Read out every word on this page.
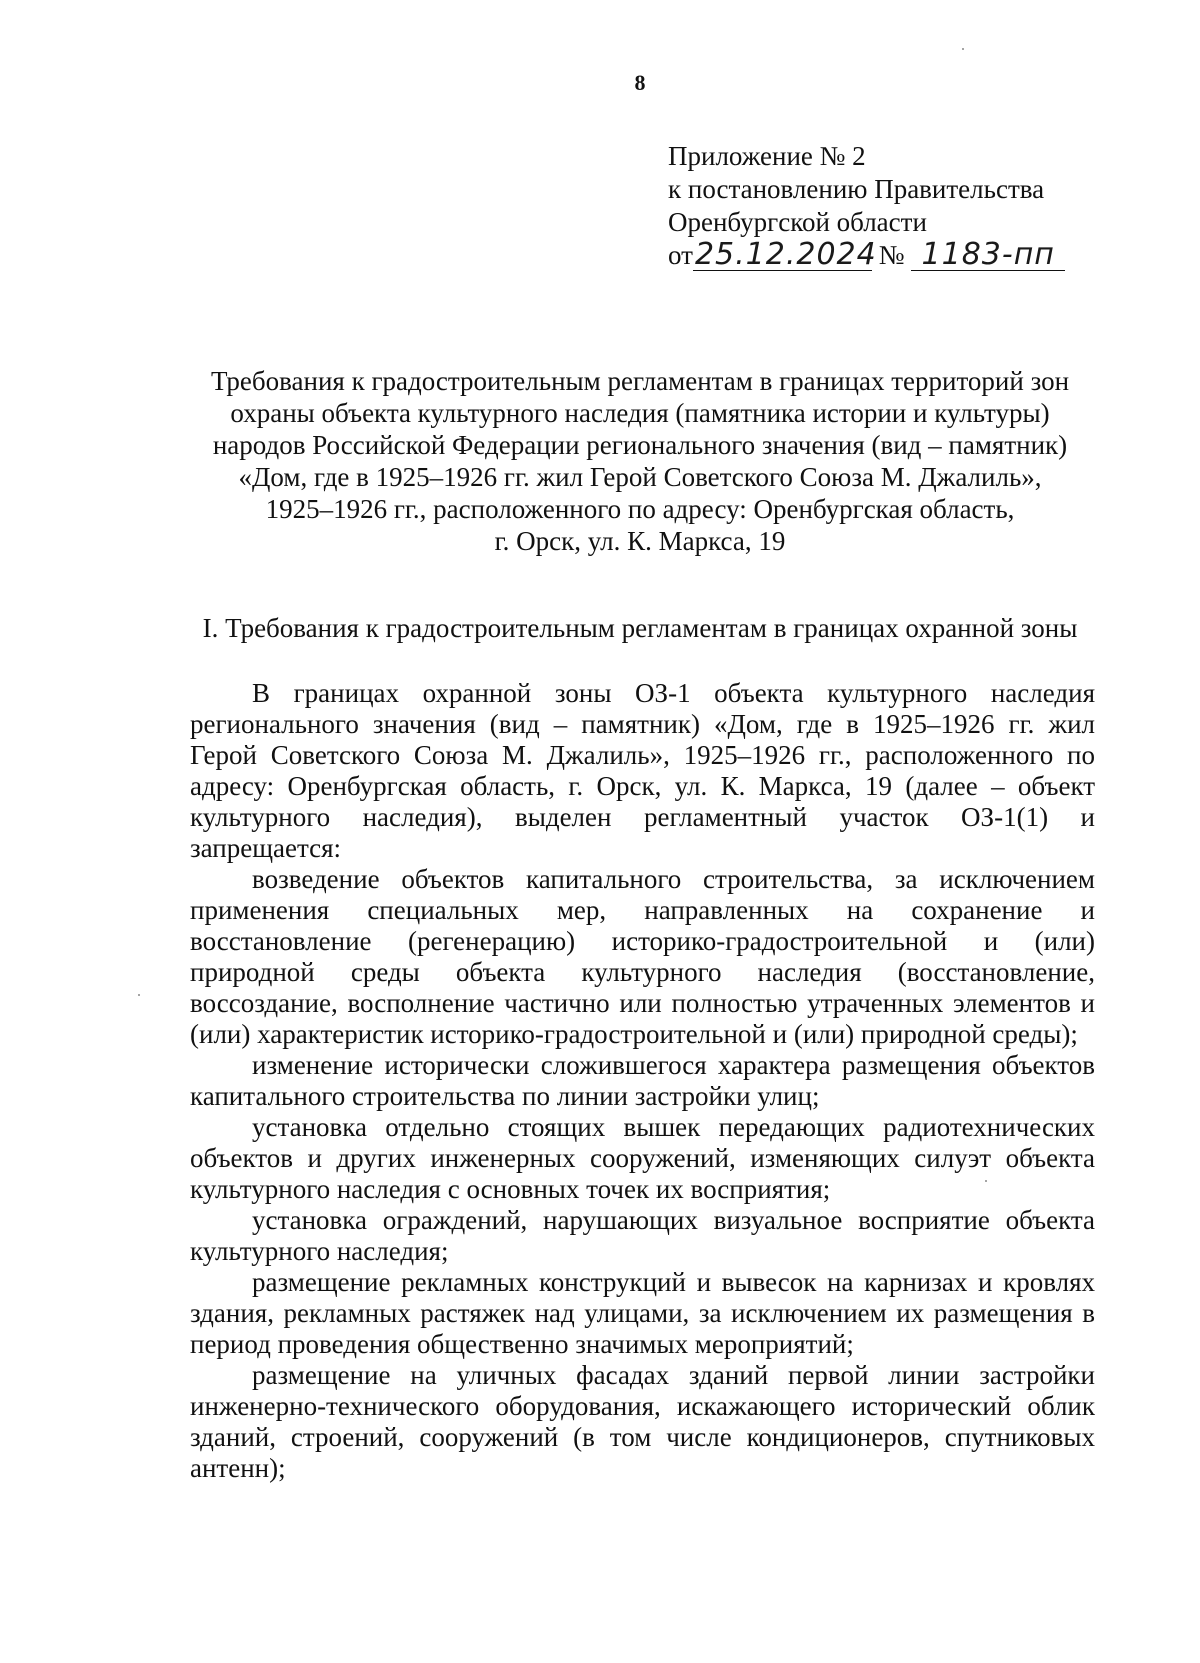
8
Приложение № 2
к постановлению Правительства
Оренбургской области
от25.12.2024 № 1183-пп
Требования к градостроительным регламентам в границах территорий зон
охраны объекта культурного наследия (памятника истории и культуры)
народов Российской Федерации регионального значения (вид – памятник)
«Дом, где в 1925–1926 гг. жил Герой Советского Союза М. Джалиль»,
1925–1926 гг., расположенного по адресу: Оренбургская область,
г. Орск, ул. К. Маркса, 19
I. Требования к градостроительным регламентам в границах охранной зоны

В границах охранной зоны ОЗ-1 объекта культурного наследия регионального значения (вид – памятник) «Дом, где в 1925–1926 гг. жил Герой Советского Союза М. Джалиль», 1925–1926 гг., расположенного по адресу: Оренбургская область, г. Орск, ул. К. Маркса, 19 (далее – объект культурного наследия), выделен регламентный участок ОЗ-1(1) и запрещается:

возведение объектов капитального строительства, за исключением применения специальных мер, направленных на сохранение и восстановление (регенерацию) историко-градостроительной и (или) природной среды объекта культурного наследия (восстановление, воссоздание, восполнение частично или полностью утраченных элементов и (или) характеристик историко-градостроительной и (или) природной среды);

изменение исторически сложившегося характера размещения объектов капитального строительства по линии застройки улиц;

установка отдельно стоящих вышек передающих радиотехнических объектов и других инженерных сооружений, изменяющих силуэт объекта культурного наследия с основных точек их восприятия;

установка ограждений, нарушающих визуальное восприятие объекта культурного наследия;

размещение рекламных конструкций и вывесок на карнизах и кровлях здания, рекламных растяжек над улицами, за исключением их размещения в период проведения общественно значимых мероприятий;

размещение на уличных фасадах зданий первой линии застройки инженерно-технического оборудования, искажающего исторический облик зданий, строений, сооружений (в том числе кондиционеров, спутниковых антенн);
